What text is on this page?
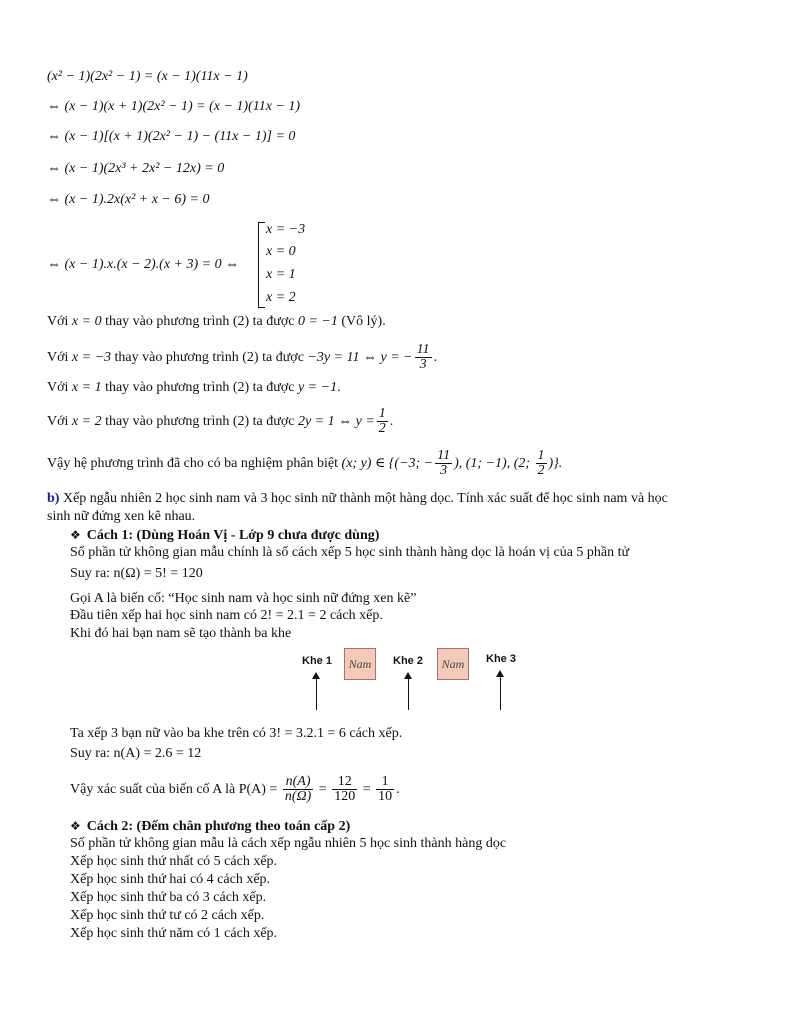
(x² − 1)(2x² − 1) = (x − 1)(11x − 1)
⇔ (x − 1)(x + 1)(2x² − 1) = (x − 1)(11x − 1)
⇔ (x − 1)[(x + 1)(2x² − 1) − (11x − 1)] = 0
⇔ (x − 1)(2x³ + 2x² − 12x) = 0
⇔ (x − 1).2x(x² + x − 6) = 0
⇔ (x − 1).x.(x − 2).(x + 3) = 0 ⇔
x = −3
x = 0
x = 1
x = 2
Với x = 0 thay vào phương trình (2) ta được 0 = −1 (Vô lý).
Với x = −3 thay vào phương trình (2) ta được −3y = 11 ⇔ y = − $\frac{11}{3}$ .
Với x = 1 thay vào phương trình (2) ta được y = −1.
Với x = 2 thay vào phương trình (2) ta được 2y = 1 ⇔ $y = \frac{1}{2}$ .
Vậy hệ phương trình đã cho có ba nghiệm phân biệt (x; y) ∈ {(−3; − $\frac{11}{3}$ ), (1; −1), (2; $\frac{1}{2}$ )}.
b) Xếp ngẫu nhiên 2 học sinh nam và 3 học sinh nữ thành một hàng dọc. Tính xác suất để học sinh nam và học
sinh nữ đứng xen kẽ nhau.
❖ Cách 1: (Dùng Hoán Vị - Lớp 9 chưa được dùng)
Số phần tử không gian mẫu chính là số cách xếp 5 học sinh thành hàng dọc là hoán vị của 5 phần tử
Suy ra: n(Ω) = 5! = 120
Gọi A là biến cố: “Học sinh nam và học sinh nữ đứng xen kẽ”
Đầu tiên xếp hai học sinh nam có 2! = 2.1 = 2 cách xếp.
Khi đó hai bạn nam sẽ tạo thành ba khe
Khe 1	Nam	Khe 2	Nam	Khe 3
Ta xếp 3 bạn nữ vào ba khe trên có 3! = 3.2.1 = 6 cách xếp.
Suy ra: n(A) = 2.6 = 12
Vậy xác suất của biến cố A là $P(A) = \frac{n(A)}{n(\Omega)} = \frac{12}{120} = \frac{1}{10}$ .
❖ Cách 2: (Đếm chân phương theo toán cấp 2)
Số phần tử không gian mẫu là cách xếp ngẫu nhiên 5 học sinh thành hàng dọc
Xếp học sinh thứ nhất có 5 cách xếp.
Xếp học sinh thứ hai có 4 cách xếp.
Xếp học sinh thứ ba có 3 cách xếp.
Xếp học sinh thứ tư có 2 cách xếp.
Xếp học sinh thứ năm có 1 cách xếp.
